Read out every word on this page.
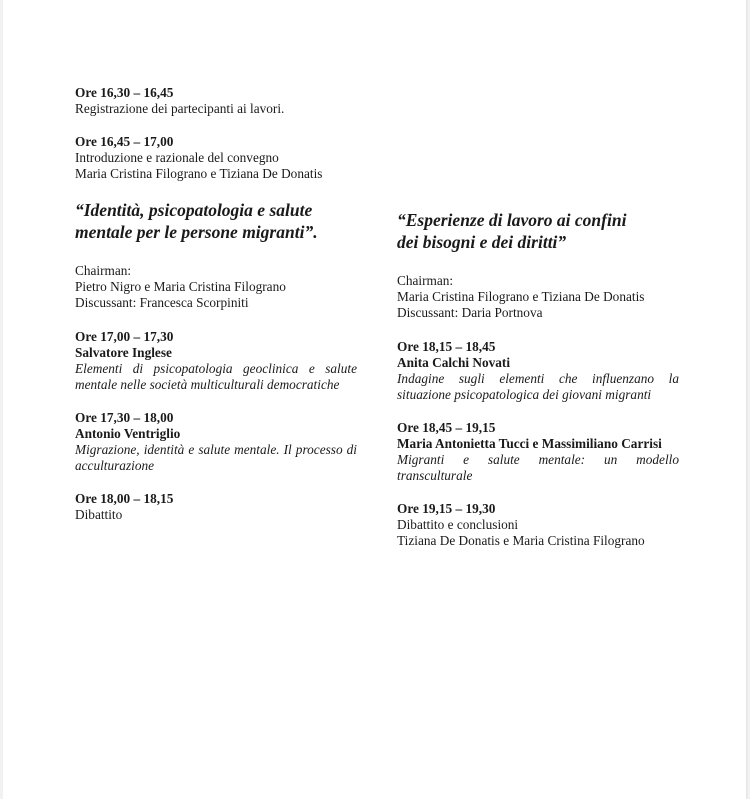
Ore 16,30 – 16,45
Registrazione dei partecipanti ai lavori.
Ore 16,45 – 17,00
Introduzione e razionale del convegno
Maria Cristina Filograno e Tiziana De Donatis
“Identità, psicopatologia e salute
mentale per le persone migranti”.
Chairman:
Pietro Nigro e Maria Cristina Filograno
Discussant: Francesca Scorpiniti
Ore 17,00 – 17,30
Salvatore Inglese
Elementi di psicopatologia geoclinica e salute mentale nelle società multiculturali democratiche
Ore 17,30 – 18,00
Antonio Ventriglio
Migrazione, identità e salute mentale. Il processo di acculturazione
Ore 18,00 – 18,15
Dibattito
“Esperienze di lavoro ai confini
dei bisogni e dei diritti”
Chairman:
Maria Cristina Filograno e Tiziana De Donatis
Discussant: Daria Portnova
Ore 18,15 – 18,45
Anita Calchi Novati
Indagine sugli elementi che influenzano la situazione psicopatologica dei giovani migranti
Ore 18,45 – 19,15
Maria Antonietta Tucci e Massimiliano Carrisi
Migranti e salute mentale: un modello transculturale
Ore 19,15 – 19,30
Dibattito e conclusioni
Tiziana De Donatis e Maria Cristina Filograno
